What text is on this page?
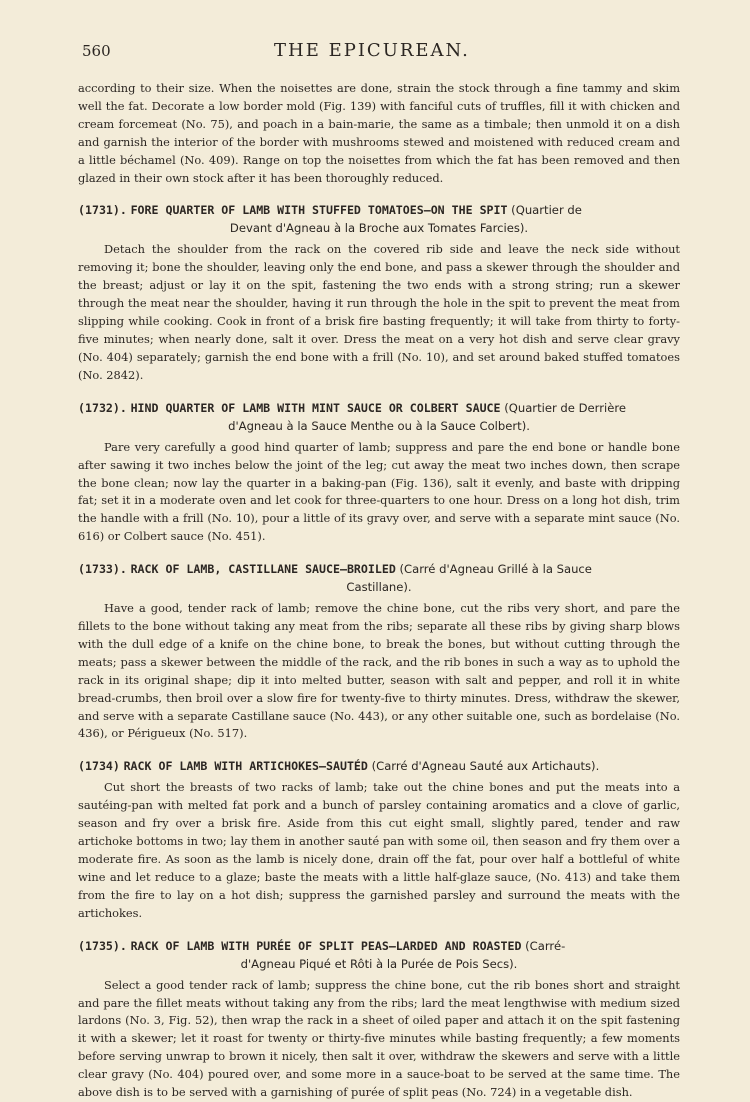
560	THE EPICUREAN.

according to their size. When the noisettes are done, strain the stock through a fine tammy and skim well the fat. Decorate a low border mold (Fig. 139) with fanciful cuts of truffles, fill it with chicken and cream forcemeat (No. 75), and poach in a bain-marie, the same as a timbale; then unmold it on a dish and garnish the interior of the border with mushrooms stewed and moistened with reduced cream and a little béchamel (No. 409). Range on top the noisettes from which the fat has been removed and then glazed in their own stock after it has been thoroughly reduced.

(1731). FORE QUARTER OF LAMB WITH STUFFED TOMATOES—ON THE SPIT (Quartier de
Devant d'Agneau à la Broche aux Tomates Farcies).

Detach the shoulder from the rack on the covered rib side and leave the neck side without removing it; bone the shoulder, leaving only the end bone, and pass a skewer through the shoulder and the breast; adjust or lay it on the spit, fastening the two ends with a strong string; run a skewer through the meat near the shoulder, having it run through the hole in the spit to prevent the meat from slipping while cooking. Cook in front of a brisk fire basting frequently; it will take from thirty to forty-five minutes; when nearly done, salt it over. Dress the meat on a very hot dish and serve clear gravy (No. 404) separately; garnish the end bone with a frill (No. 10), and set around baked stuffed tomatoes (No. 2842).

(1732). HIND QUARTER OF LAMB WITH MINT SAUCE OR COLBERT SAUCE (Quartier de Derrière
d'Agneau à la Sauce Menthe ou à la Sauce Colbert).

Pare very carefully a good hind quarter of lamb; suppress and pare the end bone or handle bone after sawing it two inches below the joint of the leg; cut away the meat two inches down, then scrape the bone clean; now lay the quarter in a baking-pan (Fig. 136), salt it evenly, and baste with dripping fat; set it in a moderate oven and let cook for three-quarters to one hour. Dress on a long hot dish, trim the handle with a frill (No. 10), pour a little of its gravy over, and serve with a separate mint sauce (No. 616) or Colbert sauce (No. 451).

(1733). RACK OF LAMB, CASTILLANE SAUCE—BROILED (Carré d'Agneau Grillé à la Sauce
Castillane).

Have a good, tender rack of lamb; remove the chine bone, cut the ribs very short, and pare the fillets to the bone without taking any meat from the ribs; separate all these ribs by giving sharp blows with the dull edge of a knife on the chine bone, to break the bones, but without cutting through the meats; pass a skewer between the middle of the rack, and the rib bones in such a way as to uphold the rack in its original shape; dip it into melted butter, season with salt and pepper, and roll it in white bread-crumbs, then broil over a slow fire for twenty-five to thirty minutes. Dress, withdraw the skewer, and serve with a separate Castillane sauce (No. 443), or any other suitable one, such as bordelaise (No. 436), or Périgueux (No. 517).

(1734) RACK OF LAMB WITH ARTICHOKES—SAUTÉD (Carré d'Agneau Sauté aux Artichauts).

Cut short the breasts of two racks of lamb; take out the chine bones and put the meats into a sautéing-pan with melted fat pork and a bunch of parsley containing aromatics and a clove of garlic, season and fry over a brisk fire. Aside from this cut eight small, slightly pared, tender and raw artichoke bottoms in two; lay them in another sauté pan with some oil, then season and fry them over a moderate fire. As soon as the lamb is nicely done, drain off the fat, pour over half a bottleful of white wine and let reduce to a glaze; baste the meats with a little half-glaze sauce, (No. 413) and take them from the fire to lay on a hot dish; suppress the garnished parsley and surround the meats with the artichokes.

(1735). RACK OF LAMB WITH PURÉE OF SPLIT PEAS—LARDED AND ROASTED (Carré-
d'Agneau Piqué et Rôti à la Purée de Pois Secs).

Select a good tender rack of lamb; suppress the chine bone, cut the rib bones short and straight and pare the fillet meats without taking any from the ribs; lard the meat lengthwise with medium sized lardons (No. 3, Fig. 52), then wrap the rack in a sheet of oiled paper and attach it on the spit fastening it with a skewer; let it roast for twenty or thirty-five minutes while basting frequently; a few moments before serving unwrap to brown it nicely, then salt it over, withdraw the skewers and serve with a little clear gravy (No. 404) poured over, and some more in a sauce-boat to be served at the same time. The above dish is to be served with a garnishing of purée of split peas (No. 724) in a vegetable dish.
